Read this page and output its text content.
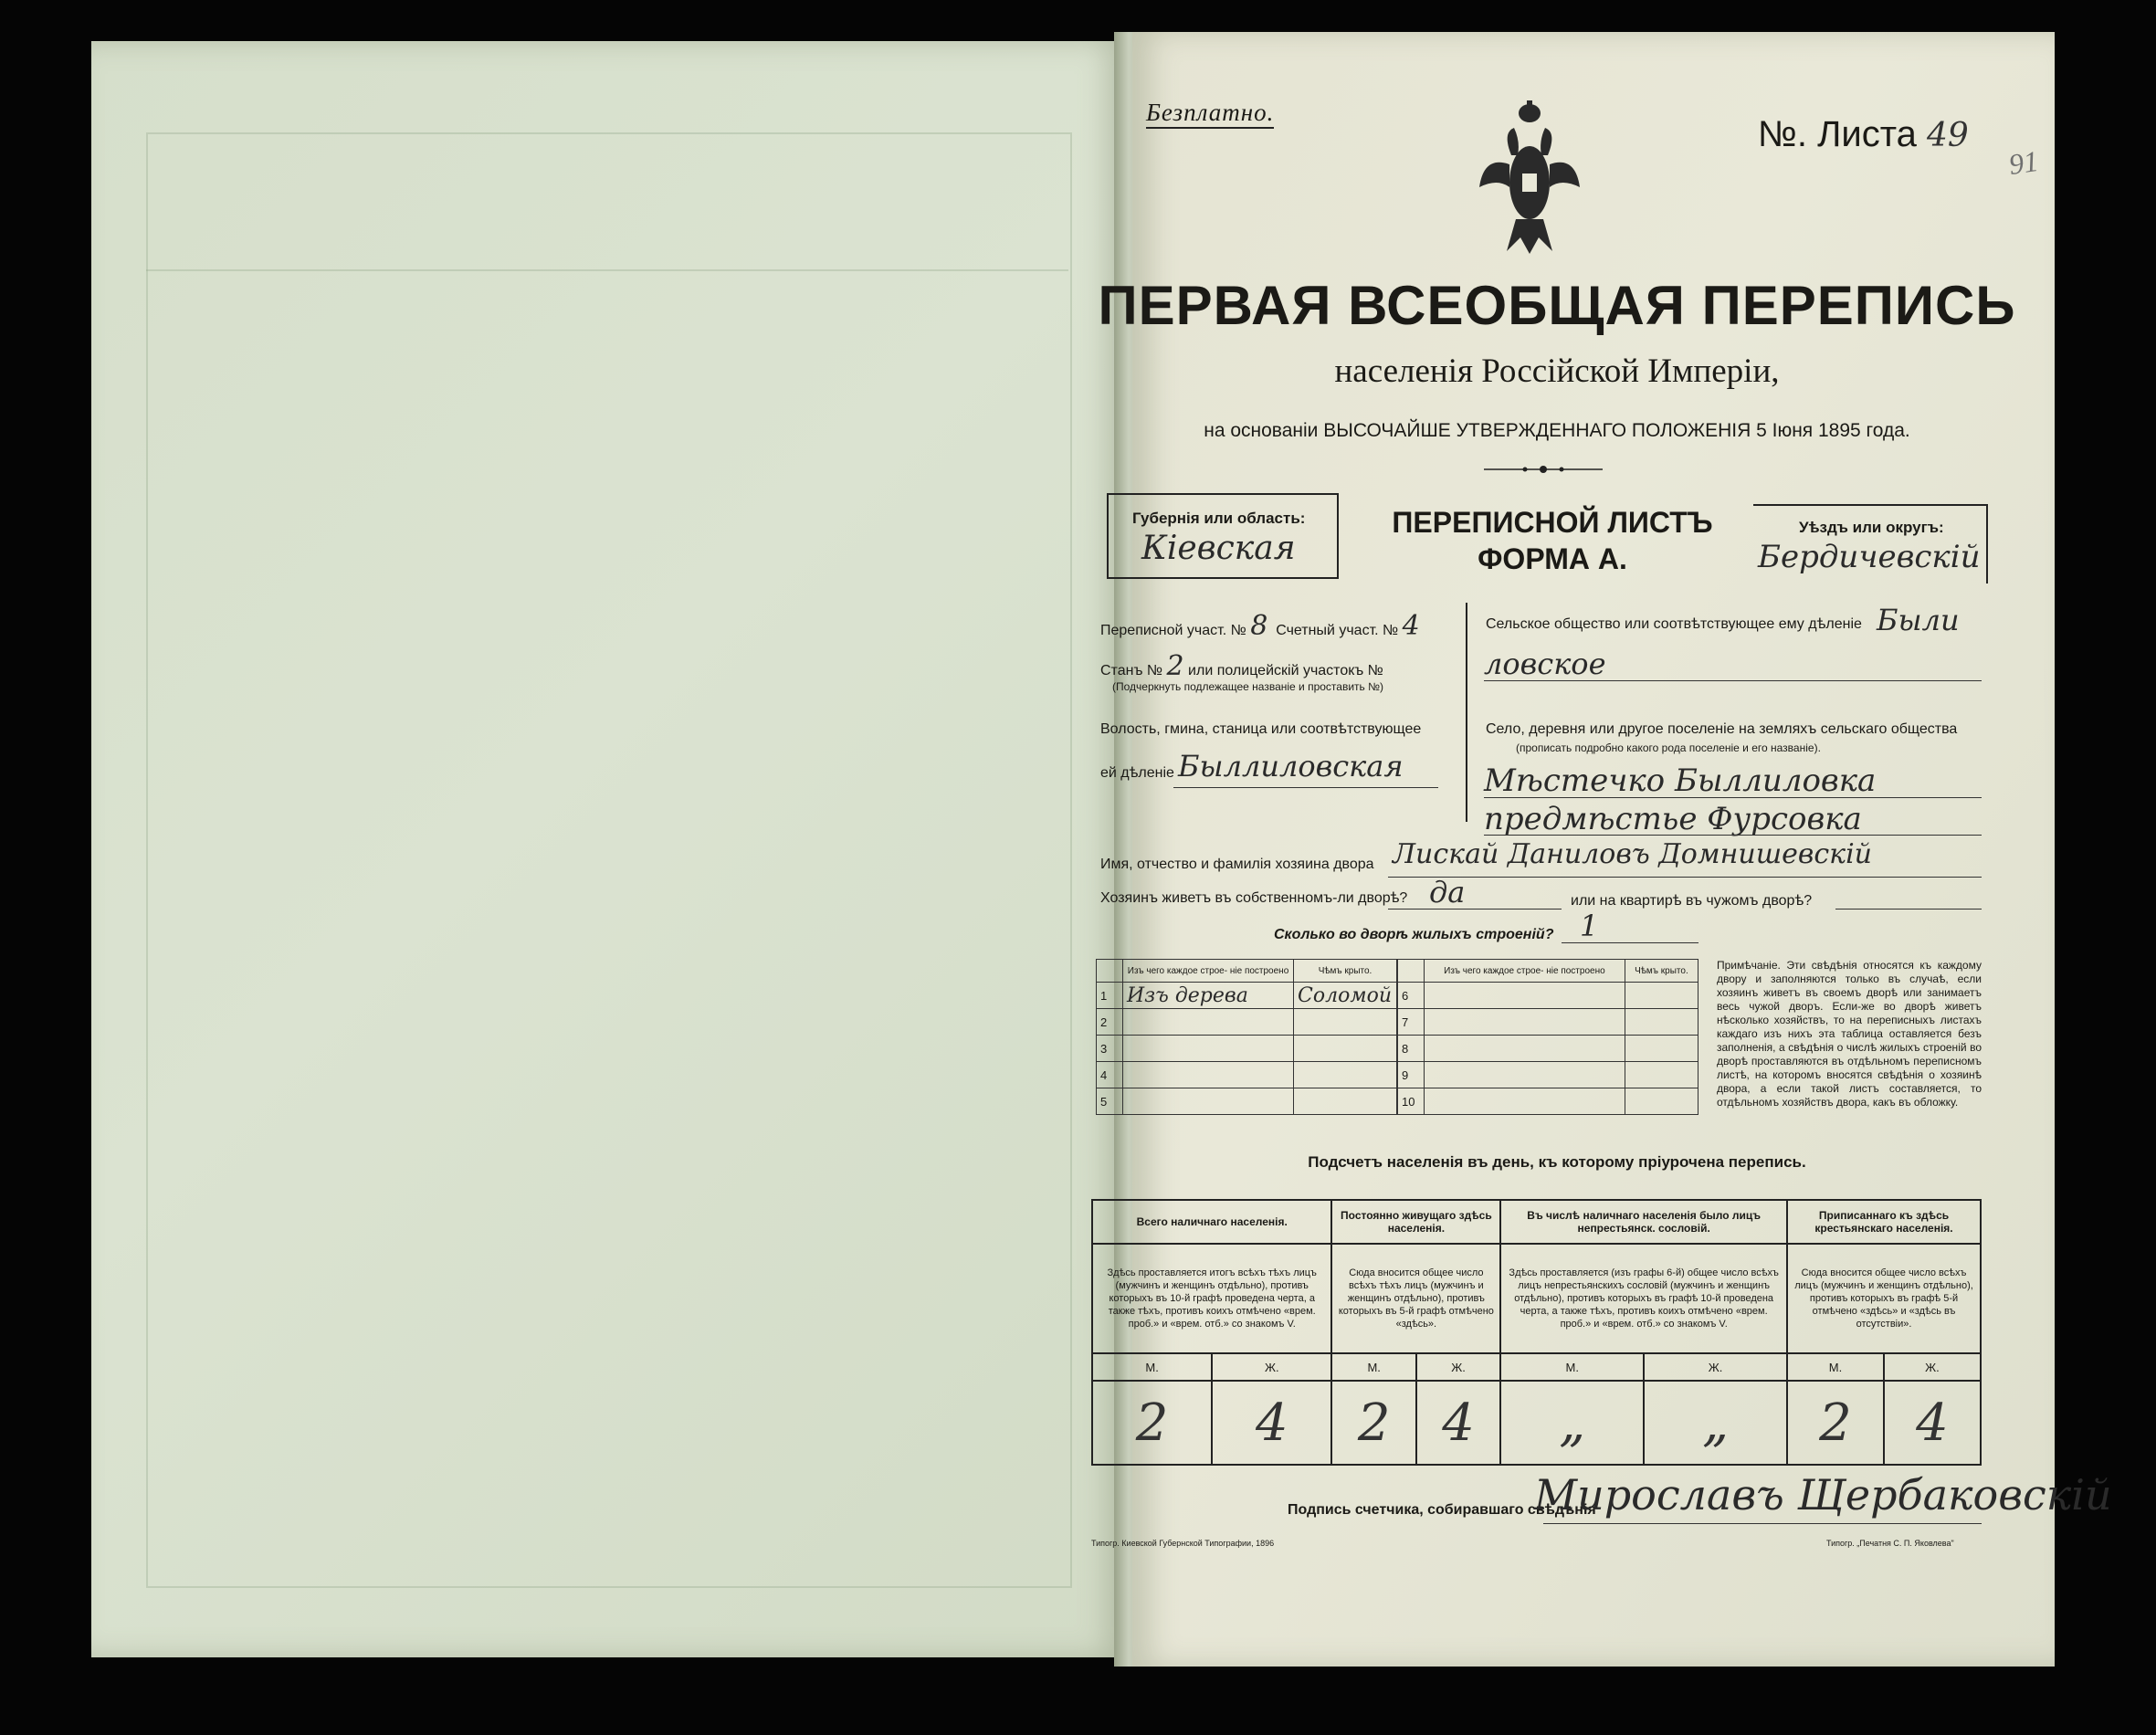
Безплатно.
№. Листа 49
91
ПЕРВАЯ ВСЕОБЩАЯ ПЕРЕПИСЬ
населенія Россійской Имперіи,
на основаніи ВЫСОЧАЙШЕ УТВЕРЖДЕННАГО ПОЛОЖЕНІЯ 5 Іюня 1895 года.
Губернія или область:
Кіевская
ПЕРЕПИСНОЙ ЛИСТЪ
ФОРМА А.
Уѣздъ или округъ:
Бердичевскій
Переписной участ. № 8 Счетный участ. № 4
Станъ № 2 или полицейскій участокъ №
(Подчеркнуть подлежащее названіе и проставить №)
Волость, гмина, станица или соотвѣтствующее
ей дѣленіе Быллиловская
Сельское общество или соотвѣтствующее ему дѣленіе Были
ловское
Село, деревня или другое поселеніе на земляхъ сельскаго общества
(прописать подробно какого рода поселеніе и его названіе).
Мѣстечко Быллиловка
предмѣстье Фурсовка
Имя, отчество и фамилія хозяина двора Лискай Даниловъ Домнишевскій
Хозяинъ живетъ въ собственномъ-ли дворѣ? да	или на квартирѣ въ чужомъ дворѣ?
Сколько во дворѣ жилыхъ строеній? 1
	Изъ чего каждое строе- ніе построено	Чѣмъ крыто.
1	Изъ дерева	Соломой
2		
3		
4		
5		
	Изъ чего каждое строе- ніе построено	Чѣмъ крыто.
6		
7		
8		
9		
10		
Примѣчаніе. Эти свѣдѣнія относятся къ каждому двору и заполняются только въ случаѣ, если хозяинъ живетъ въ своемъ дворѣ или занимаетъ весь чужой дворъ. Если-же во дворѣ живетъ нѣсколько хозяйствъ, то на переписныхъ листахъ каждаго изъ нихъ эта таблица оставляется безъ заполненія, а свѣдѣнія о числѣ жилыхъ строеній во дворѣ проставляются въ отдѣльномъ переписномъ листѣ, на которомъ вносятся свѣдѣнія о хозяинѣ двора, а если такой листъ составляется, то отдѣльномъ хозяйствъ двора, какъ въ обложку.
Подсчетъ населенія въ день, къ которому пріурочена перепись.
Всего наличнаго населенія.		Постоянно живущаго здѣсь населенія.		Въ числѣ наличнаго населенія было лицъ непрестьянск. сословій.		Приписаннаго къ здѣсь крестьянскаго населенія.	
Здѣсь проставляется итогъ всѣхъ тѣхъ лицъ (мужчинъ и женщинъ отдѣльно), противъ которыхъ въ 10-й графѣ проведена черта, а также тѣхъ, противъ коихъ отмѣчено «врем. проб.» и «врем. отб.» со знакомъ V.		Сюда вносится общее число всѣхъ тѣхъ лицъ (мужчинъ и женщинъ отдѣльно), противъ которыхъ въ 5-й графѣ отмѣчено «здѣсь».		Здѣсь проставляется (изъ графы 6-й) общее число всѣхъ лицъ непрестьянскихъ сословій (мужчинъ и женщинъ отдѣльно), противъ которыхъ въ графѣ 10-й проведена черта, а также тѣхъ, противъ коихъ отмѣчено «врем. проб.» и «врем. отб.» со знакомъ V.		Сюда вносится общее число всѣхъ лицъ (мужчинъ и женщинъ отдѣльно), противъ которыхъ въ графѣ 5-й отмѣчено «здѣсь» и «здѣсь въ отсутствіи».	
М.	Ж.	М.	Ж.	М.	Ж.	М.	Ж.
2	4	2	4	„	„	2	4
Подпись счетчика, собиравшаго свѣдѣнія
Мирославъ Щербаковскій
Типогр. Киевской Губернской Типографии, 1896	Типогр. „Печатня С. П. Яковлева"
